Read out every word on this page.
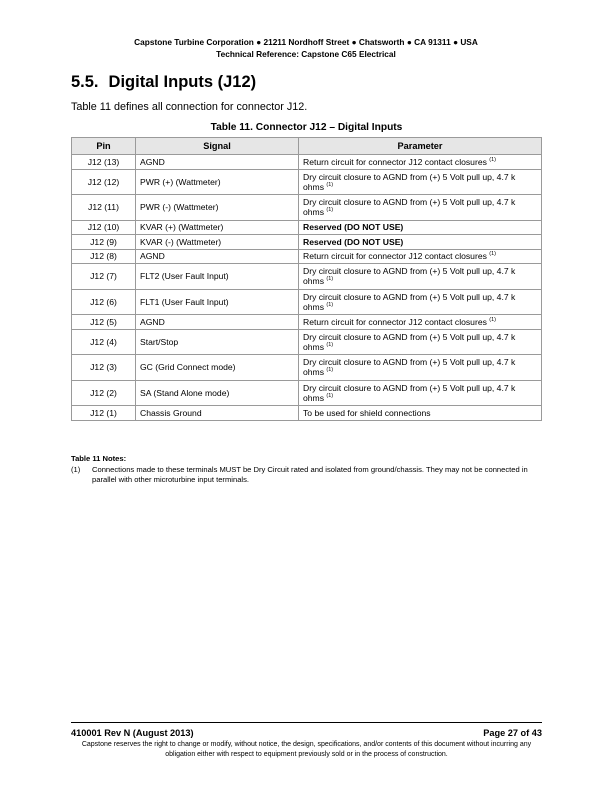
Capstone Turbine Corporation ● 21211 Nordhoff Street ● Chatsworth ● CA 91311 ● USA
Technical Reference: Capstone C65 Electrical
5.5. Digital Inputs (J12)
Table 11 defines all connection for connector J12.
Table 11. Connector J12 – Digital Inputs
Pin	Signal	Parameter
J12 (13)	AGND	Return circuit for connector J12 contact closures $^{(1)}$
J12 (12)	PWR (+) (Wattmeter)	Dry circuit closure to AGND from (+) 5 Volt pull up, 4.7 k ohms $^{(1)}$
J12 (11)	PWR (-) (Wattmeter)	Dry circuit closure to AGND from (+) 5 Volt pull up, 4.7 k ohms $^{(1)}$
J12 (10)	KVAR (+) (Wattmeter)	Reserved (DO NOT USE)
J12 (9)	KVAR (-) (Wattmeter)	Reserved (DO NOT USE)
J12 (8)	AGND	Return circuit for connector J12 contact closures $^{(1)}$
J12 (7)	FLT2 (User Fault Input)	Dry circuit closure to AGND from (+) 5 Volt pull up, 4.7 k ohms $^{(1)}$
J12 (6)	FLT1 (User Fault Input)	Dry circuit closure to AGND from (+) 5 Volt pull up, 4.7 k ohms $^{(1)}$
J12 (5)	AGND	Return circuit for connector J12 contact closures $^{(1)}$
J12 (4)	Start/Stop	Dry circuit closure to AGND from (+) 5 Volt pull up, 4.7 k ohms $^{(1)}$
J12 (3)	GC (Grid Connect mode)	Dry circuit closure to AGND from (+) 5 Volt pull up, 4.7 k ohms $^{(1)}$
J12 (2)	SA (Stand Alone mode)	Dry circuit closure to AGND from (+) 5 Volt pull up, 4.7 k ohms $^{(1)}$
J12 (1)	Chassis Ground	To be used for shield connections
Table 11 Notes:
(1) Connections made to these terminals MUST be Dry Circuit rated and isolated from ground/chassis. They may not be connected in parallel with other microturbine input terminals.
410001 Rev N (August 2013)	Page 27 of 43
Capstone reserves the right to change or modify, without notice, the design, specifications, and/or contents of this document without incurring any obligation either with respect to equipment previously sold or in the process of construction.
